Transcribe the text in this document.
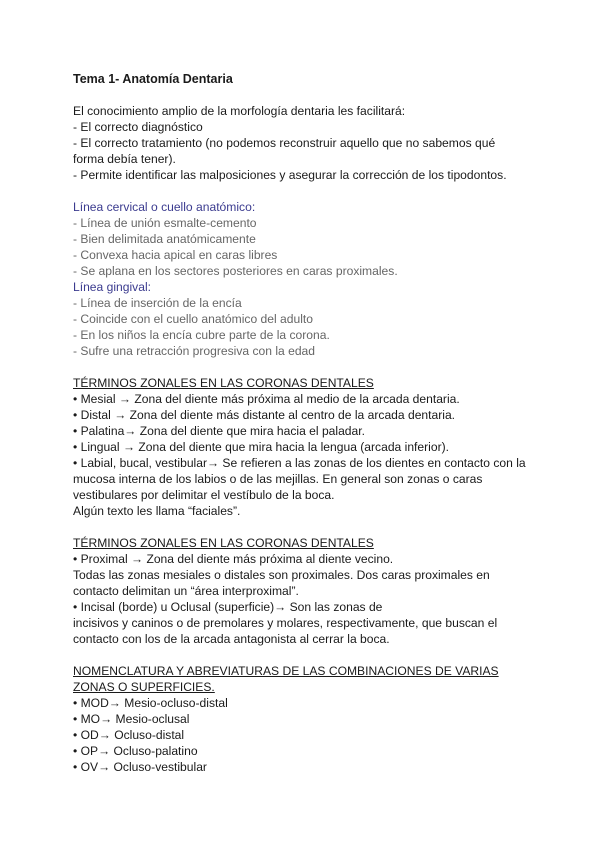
Tema 1- Anatomía Dentaria
El conocimiento amplio de la morfología dentaria les facilitará:
- El correcto diagnóstico
- El correcto tratamiento (no podemos reconstruir aquello que no sabemos qué
forma debía tener).
- Permite identificar las malposiciones y asegurar la corrección de los tipodontos.
Línea cervical o cuello anatómico:
- Línea de unión esmalte-cemento
- Bien delimitada anatómicamente
- Convexa hacia apical en caras libres
- Se aplana en los sectores posteriores en caras proximales.
Línea gingival:
- Línea de inserción de la encía
- Coincide con el cuello anatómico del adulto
- En los niños la encía cubre parte de la corona.
- Sufre una retracción progresiva con la edad
TÉRMINOS ZONALES EN LAS CORONAS DENTALES
• Mesial → Zona del diente más próxima al medio de la arcada dentaria.
• Distal → Zona del diente más distante al centro de la arcada dentaria.
• Palatina→ Zona del diente que mira hacia el paladar.
• Lingual → Zona del diente que mira hacia la lengua (arcada inferior).
• Labial, bucal, vestibular→ Se refieren a las zonas de los dientes en contacto con la
mucosa interna de los labios o de las mejillas. En general son zonas o caras
vestibulares por delimitar el vestíbulo de la boca.
Algún texto les llama “faciales”.
TÉRMINOS ZONALES EN LAS CORONAS DENTALES
• Proximal → Zona del diente más próxima al diente vecino.
Todas las zonas mesiales o distales son proximales. Dos caras proximales en
contacto delimitan un “área interproximal”.
• Incisal (borde) u Oclusal (superficie)→ Son las zonas de
incisivos y caninos o de premolares y molares, respectivamente, que buscan el
contacto con los de la arcada antagonista al cerrar la boca.
NOMENCLATURA Y ABREVIATURAS DE LAS COMBINACIONES DE VARIAS
ZONAS O SUPERFICIES.
• MOD→ Mesio-ocluso-distal
• MO→ Mesio-oclusal
• OD→ Ocluso-distal
• OP→ Ocluso-palatino
• OV→ Ocluso-vestibular
